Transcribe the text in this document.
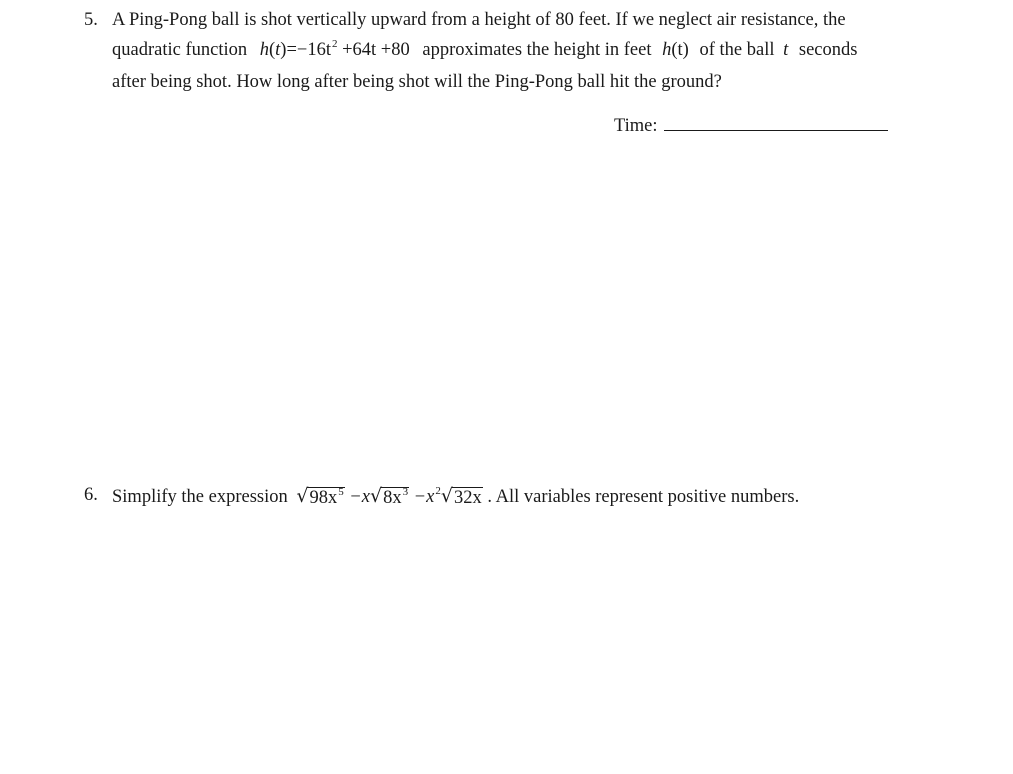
5. A Ping-Pong ball is shot vertically upward from a height of 80 feet. If we neglect air resistance, the
quadratic function $h(t)=-16t^2 +64t +80$ approximates the height in feet h(t) of the ball t seconds
after being shot. How long after being shot will the Ping-Pong ball hit the ground?
Time:
6. Simplify the expression $√98x^5 -x√8x^3 -x^2√32x$ . All variables represent positive numbers.
